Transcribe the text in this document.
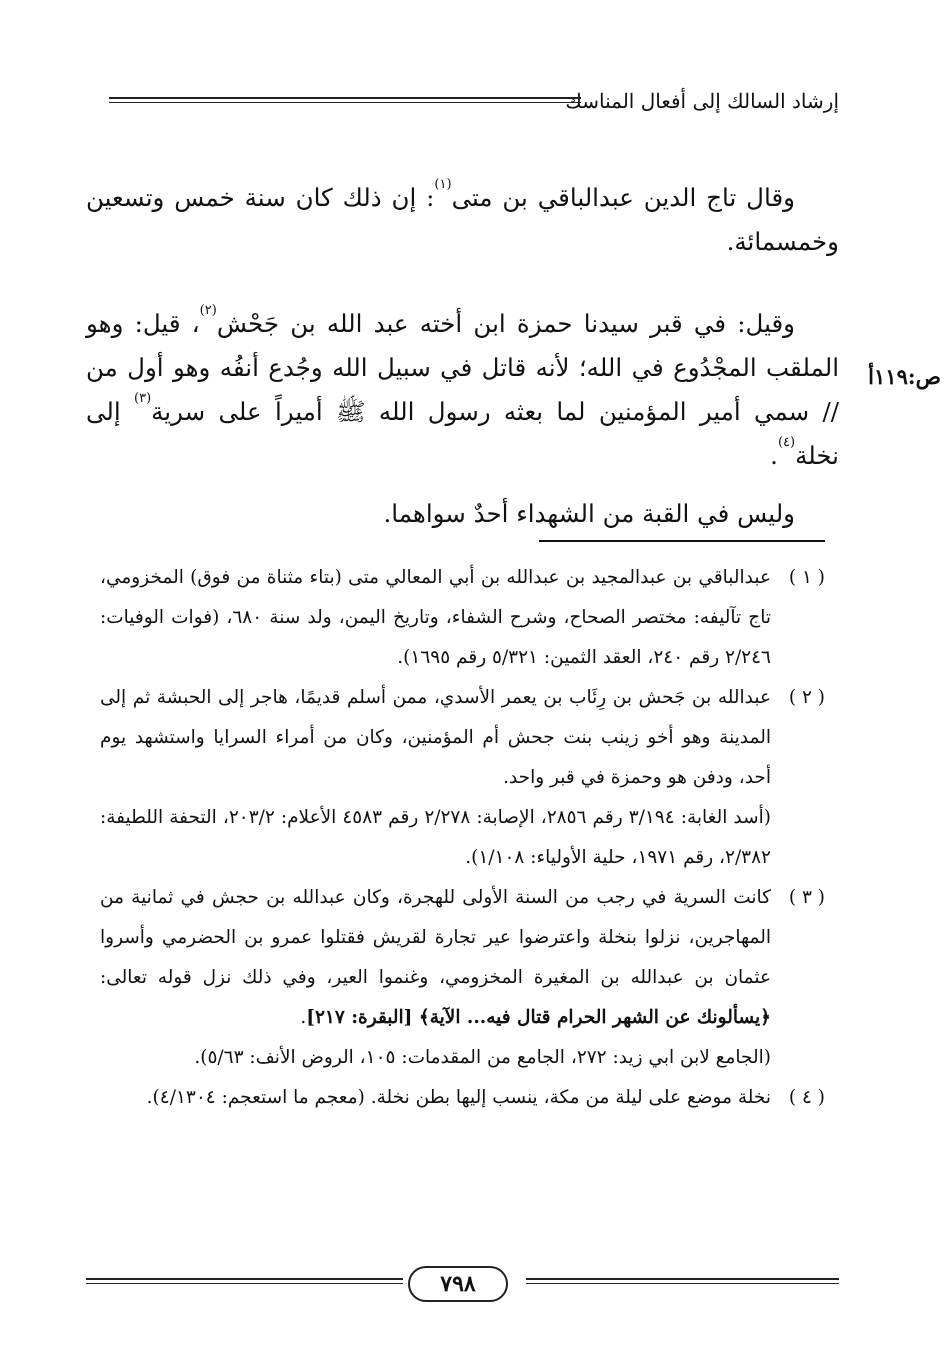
إرشاد السالك إلى أفعال المناسك
ص:١١٩أ

وقال تاج الدين عبدالباقي بن متى$^{(١)}$: إن ذلك كان سنة خمس وتسعين وخمسمائة.

وقيل: في قبر سيدنا حمزة ابن أخته عبد الله بن جَحْش$^{(٢)}$، قيل: وهو الملقب المجْدُوع في الله؛ لأنه قاتل في سبيل الله وجُدع أنفُه وهو أول من // سمي أمير المؤمنين لما بعثه رسول الله ﷺ أميراً على سرية$^{(٣)}$ إلى نخلة$^{(٤)}$.

وليس في القبة من الشهداء أحدٌ سواهما.

( ١ )
عبدالباقي بن عبدالمجيد بن عبدالله بن أبي المعالي متى (بتاء مثناة من فوق) المخزومي، تاج تآليفه: مختصر الصحاح، وشرح الشفاء، وتاريخ اليمن، ولد سنة ٦٨٠، (فوات الوفيات: ٢/٢٤٦ رقم ٢٤٠، العقد الثمين: ٥/٣٢١ رقم ١٦٩٥).
( ٢ )
عبدالله بن جَحش بن رِئَاب بن يعمر الأسدي، ممن أسلم قديمًا، هاجر إلى الحبشة ثم إلى المدينة وهو أخو زينب بنت جحش أم المؤمنين، وكان من أمراء السرايا واستشهد يوم أحد، ودفن هو وحمزة في قبر واحد.
(أسد الغابة: ٣/١٩٤ رقم ٢٨٥٦، الإصابة: ٢/٢٧٨ رقم ٤٥٨٣ الأعلام: ٢٠٣/٢، التحفة اللطيفة: ٢/٣٨٢، رقم ١٩٧١، حلية الأولياء: ١/١٠٨).
( ٣ )
كانت السرية في رجب من السنة الأولى للهجرة، وكان عبدالله بن حجش في ثمانية من المهاجرين، نزلوا بنخلة واعترضوا عير تجارة لقريش فقتلوا عمرو بن الحضرمي وأسروا عثمان بن عبدالله بن المغيرة المخزومي، وغنموا العير، وفي ذلك نزل قوله تعالى: ﴿يسألونك عن الشهر الحرام قتال فيه... الآية﴾ [البقرة: ٢١٧].
(الجامع لابن ابي زيد: ٢٧٢، الجامع من المقدمات: ١٠٥، الروض الأنف: ٥/٦٣).
( ٤ )
نخلة موضع على ليلة من مكة، ينسب إليها بطن نخلة. (معجم ما استعجم: ٤/١٣٠٤).
٧٩٨
